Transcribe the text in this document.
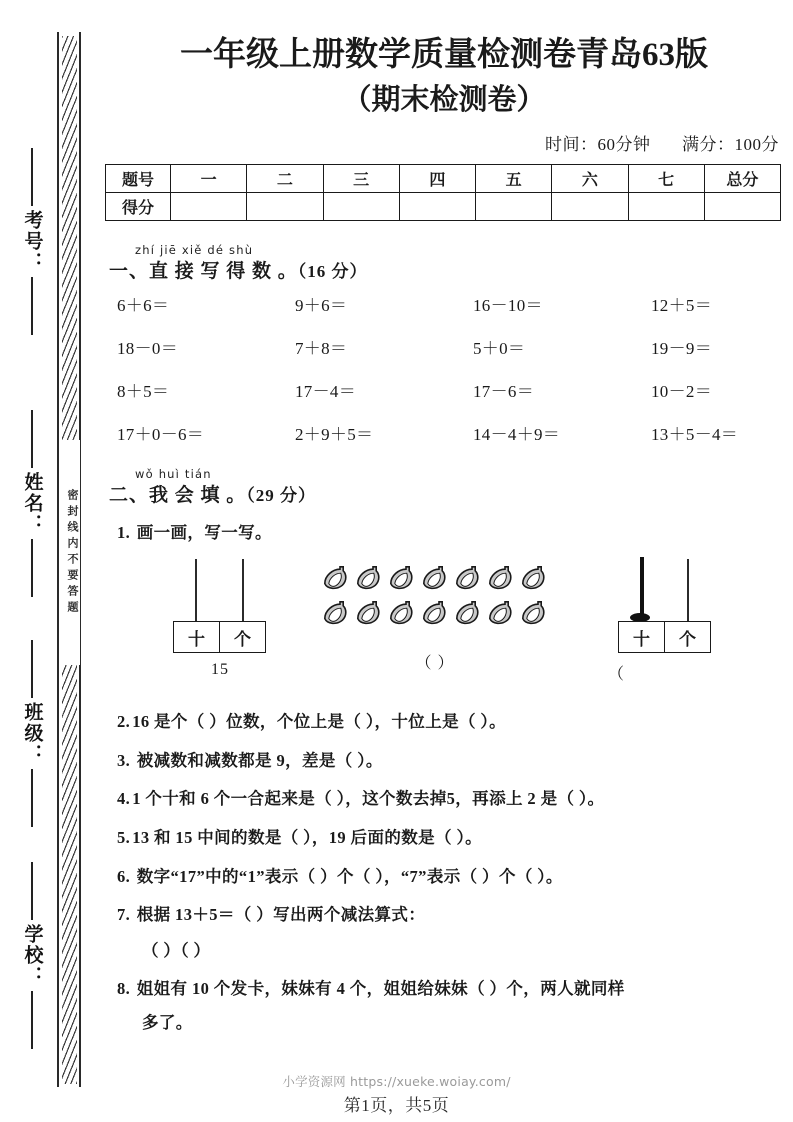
密封线内不要答题
考号：
姓名：
班级：
学校：
一年级上册数学质量检测卷青岛63版
（期末检测卷）
时间：60分钟 满分：100分
题号	一	二	三	四	五	六	七	总分
得分								
zhí jiē xiě dé shù
一、直 接 写 得 数 。（16 分）
6＋6＝	9＋6＝	16－10＝	12＋5＝
18－0＝	7＋8＝	5＋0＝	19－9＝
8＋5＝	17－4＝	17－6＝	10－2＝
17＋0－6＝	2＋9＋5＝	14－4＋9＝	13＋5－4＝
wǒ huì tián
二、我 会 填 。（29 分）
1. 画一画，写一写。
十	个
15	（ ）
十	个
（
2. 16 是个（ ）位数，个位上是（ ），十位上是（ ）。
3. 被减数和减数都是 9，差是（ ）。
4. 1 个十和 6 个一合起来是（ ），这个数去掉5，再添上 2 是（ ）。
5. 13 和 15 中间的数是（ ），19 后面的数是（ ）。
6. 数字“17”中的“1”表示（ ）个（ ），“7”表示（ ）个（ ）。
7. 根据 13＋5＝（ ）写出两个减法算式：
（ ）（ ）
8. 姐姐有 10 个发卡，妹妹有 4 个，姐姐给妹妹（ ）个，两人就同样
多了。
小学资源网 https://xueke.woiay.com/
第1页，共5页
